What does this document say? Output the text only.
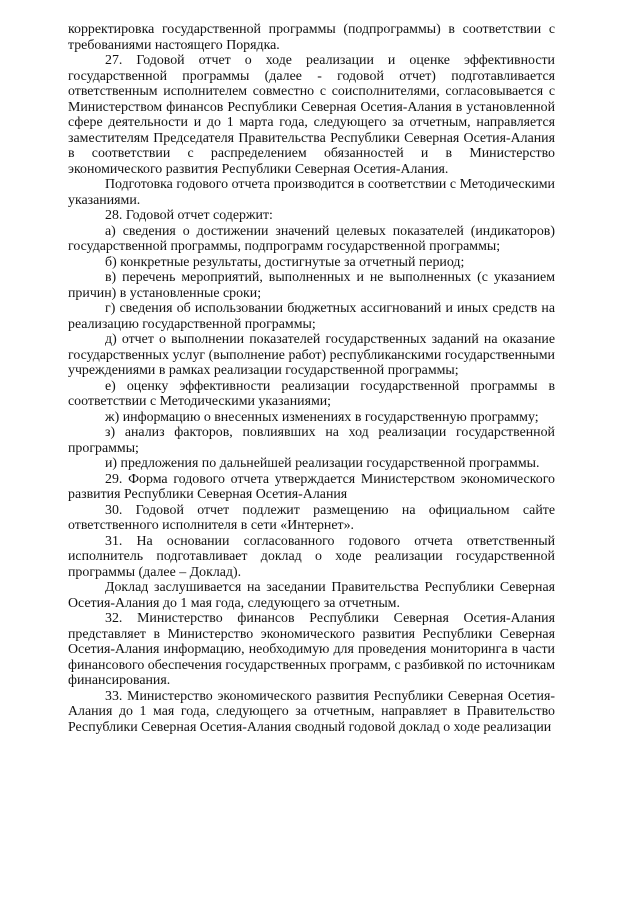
корректировка государственной программы (подпрограммы) в соответствии с требованиями настоящего Порядка.

27. Годовой отчет о ходе реализации и оценке эффективности государственной программы (далее - годовой отчет) подготавливается ответственным исполнителем совместно с соисполнителями, согласовывается с Министерством финансов Республики Северная Осетия-Алания в установленной сфере деятельности и до 1 марта года, следующего за отчетным, направляется заместителям Председателя Правительства Республики Северная Осетия-Алания в соответствии с распределением обязанностей и в Министерство экономического развития Республики Северная Осетия-Алания.

Подготовка годового отчета производится в соответствии с Методическими указаниями.

28. Годовой отчет содержит:

а) сведения о достижении значений целевых показателей (индикаторов) государственной программы, подпрограмм государственной программы;

б) конкретные результаты, достигнутые за отчетный период;

в) перечень мероприятий, выполненных и не выполненных (с указанием причин) в установленные сроки;

г) сведения об использовании бюджетных ассигнований и иных средств на реализацию государственной программы;

д) отчет о выполнении показателей государственных заданий на оказание государственных услуг (выполнение работ) республиканскими государственными учреждениями в рамках реализации государственной программы;

е) оценку эффективности реализации государственной программы в соответствии с Методическими указаниями;

ж) информацию о внесенных изменениях в государственную программу;

з) анализ факторов, повлиявших на ход реализации государственной программы;

и) предложения по дальнейшей реализации государственной программы.

29. Форма годового отчета утверждается Министерством экономического развития Республики Северная Осетия-Алания

30. Годовой отчет подлежит размещению на официальном сайте ответственного исполнителя в сети «Интернет».

31. На основании согласованного годового отчета ответственный исполнитель подготавливает доклад о ходе реализации государственной программы (далее – Доклад).

Доклад заслушивается на заседании Правительства Республики Северная Осетия-Алания до 1 мая года, следующего за отчетным.

32. Министерство финансов Республики Северная Осетия-Алания представляет в Министерство экономического развития Республики Северная Осетия-Алания информацию, необходимую для проведения мониторинга в части финансового обеспечения государственных программ, с разбивкой по источникам финансирования.

33. Министерство экономического развития Республики Северная Осетия-Алания до 1 мая года, следующего за отчетным, направляет в Правительство Республики Северная Осетия-Алания сводный годовой доклад о ходе реализации
